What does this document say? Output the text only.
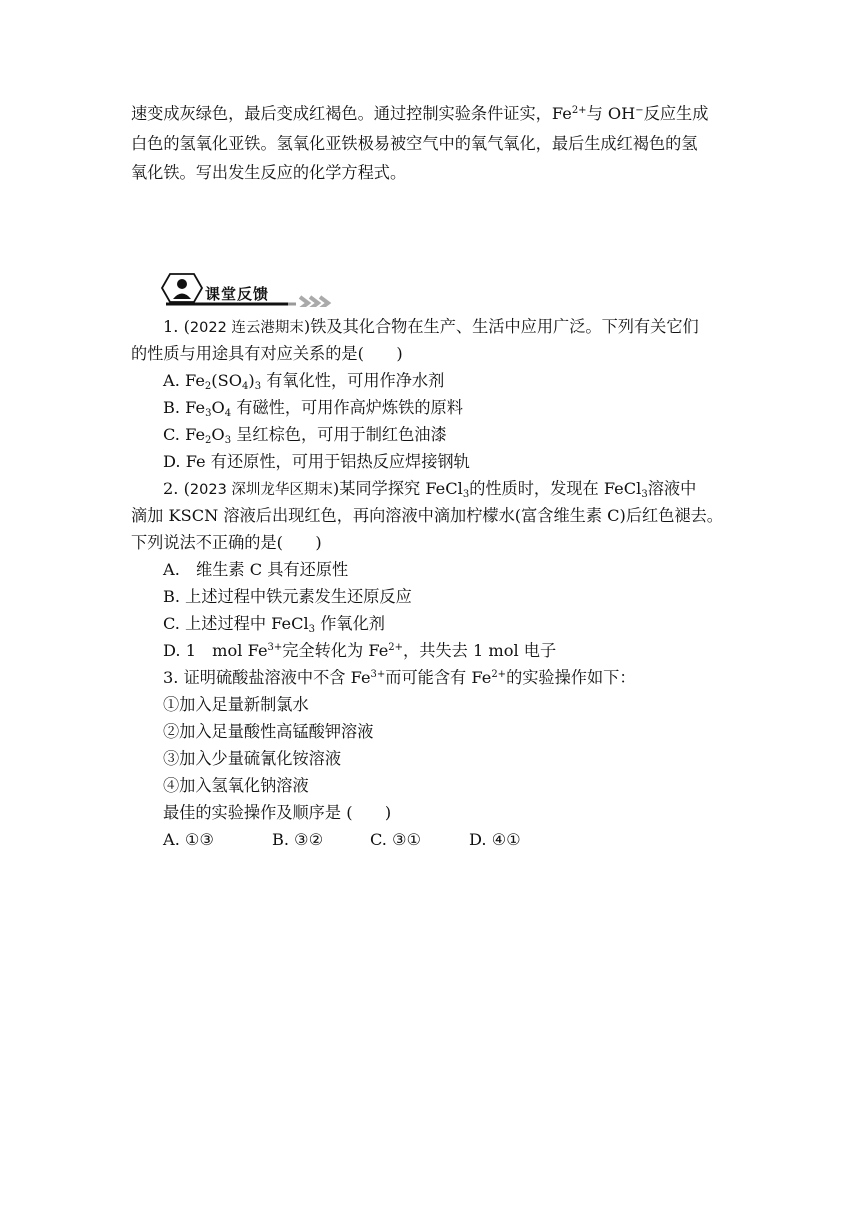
速变成灰绿色，最后变成红褐色。通过控制实验条件证实，$Fe^{2+}$与 OH−反应生成
白色的氢氧化亚铁。氢氧化亚铁极易被空气中的氧气氧化，最后生成红褐色的氢
氧化铁。写出发生反应的化学方程式。
课堂反馈
1. (2022 连云港期末)铁及其化合物在生产、生活中应用广泛。下列有关它们
的性质与用途具有对应关系的是(　　)
A. $Fe_2(SO_4)_3$ 有氧化性，可用作净水剂
B. $Fe_3O_4$ 有磁性，可用作高炉炼铁的原料
C. $Fe_2O_3$ 呈红棕色，可用于制红色油漆
D. Fe 有还原性，可用于铝热反应焊接钢轨
2. (2023 深圳龙华区期末)某同学探究 FeCl$_3$的性质时，发现在 FeCl$_3$溶液中
滴加 KSCN 溶液后出现红色，再向溶液中滴加柠檬水(富含维生素 C)后红色褪去。
下列说法不正确的是(　　)
A.　维生素 C 具有还原性
B. 上述过程中铁元素发生还原反应
C. 上述过程中 FeCl$_3$ 作氧化剂
D. 1　mol $Fe^{3+}$完全转化为 $Fe^{2+}$，共失去 1 mol 电子
3. 证明硫酸盐溶液中不含 $Fe^{3+}$而可能含有 $Fe^{2+}$的实验操作如下：
①加入足量新制氯水
②加入足量酸性高锰酸钾溶液
③加入少量硫氰化铵溶液
④加入氢氧化钠溶液
最佳的实验操作及顺序是 (　　)
A. ①③	B. ③②	C. ③①	D. ④①
